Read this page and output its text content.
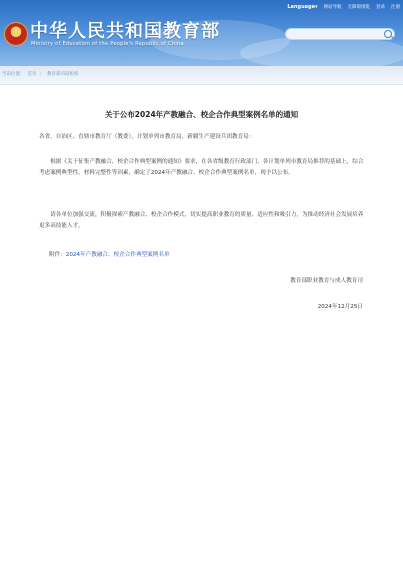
中华人民共和国教育部
Ministry of Education of the People's Republic of China
Language▾ 网站导航 无障碍浏览 登录 注册
当前位置： 首页 〉 教育部司局机构
关于公布2024年产教融合、校企合作典型案例名单的通知
各省、自治区、直辖市教育厅（教委），计划单列市教育局，新疆生产建设兵团教育局：
  根据《关于征集产教融合、校企合作典型案例的通知》要求，在各省级教育行政部门、各计划单列市教育局推荐的基础上，综合考虑案例典型性、材料完整性等因素，确定了2024年产教融合、校企合作典型案例名单，现予以公布。
  请各单位加强交流，积极探索产教融合、校企合作模式，切实提高职业教育的质量、适应性和吸引力，为推动经济社会发展培养更多高技能人才。
附件：2024年产教融合、校企合作典型案例名单
教育部职业教育与成人教育司
2024年12月25日
